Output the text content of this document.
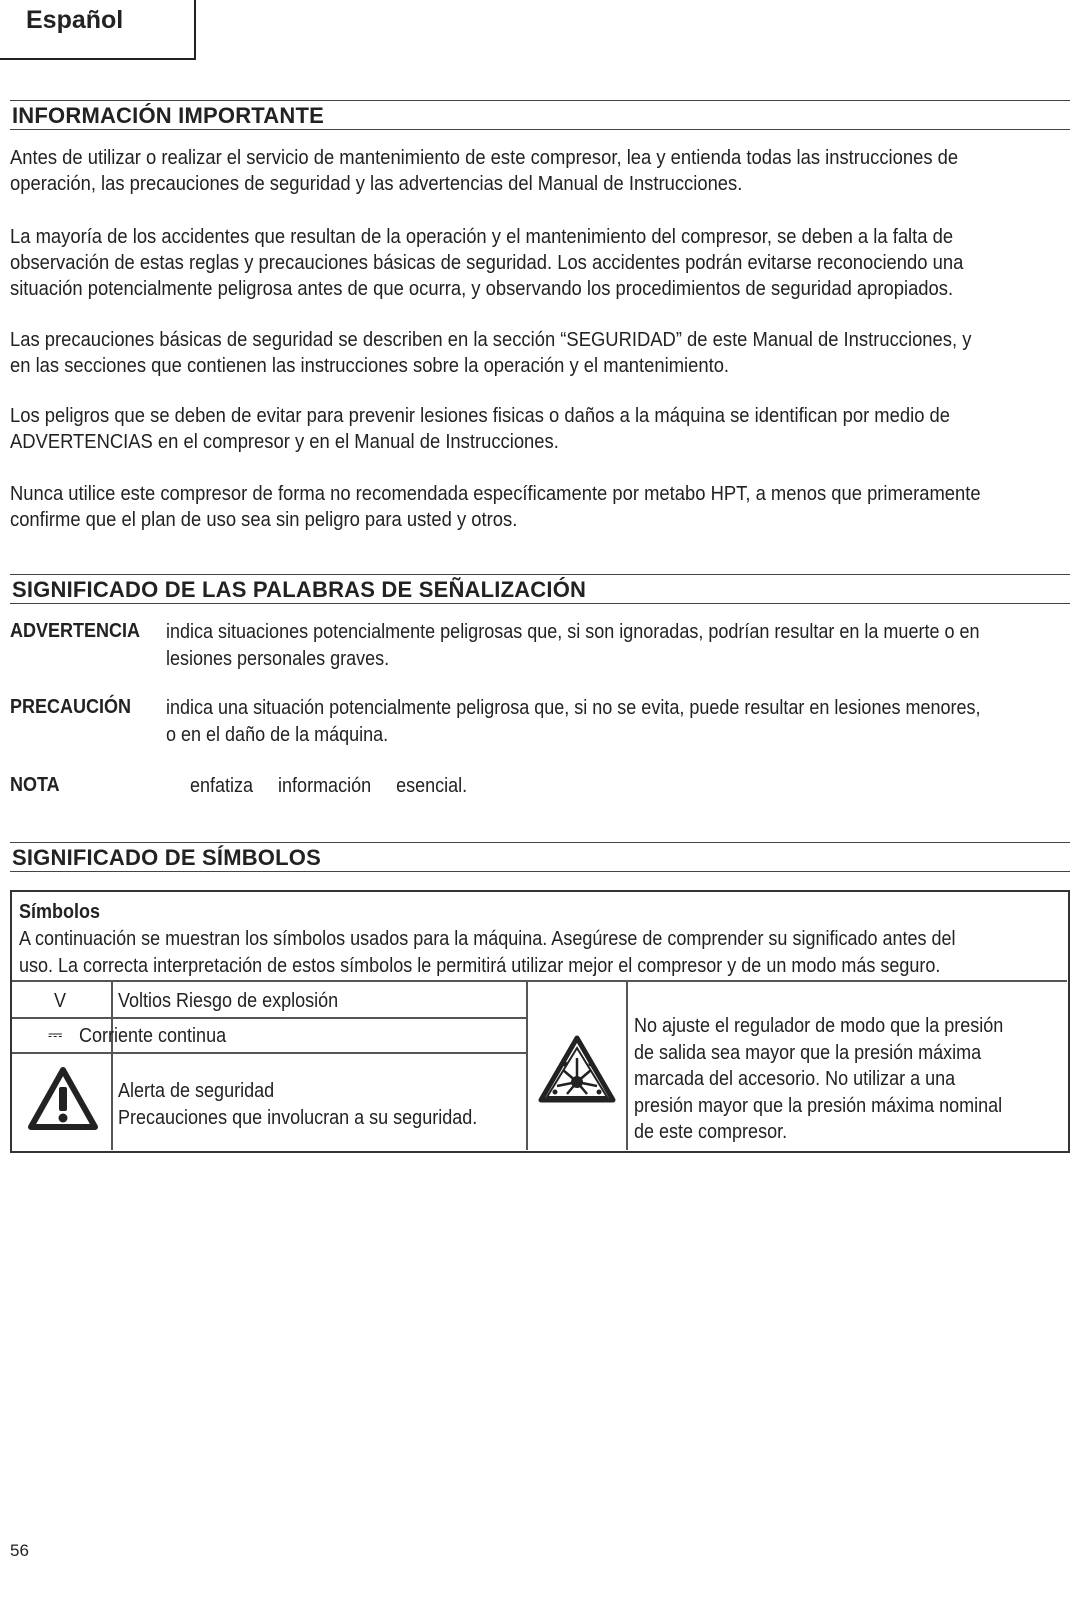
Español
INFORMACIÓN IMPORTANTE
Antes de utilizar o realizar el servicio de mantenimiento de este compresor, lea y entienda todas las instrucciones de
operación, las precauciones de seguridad y las advertencias del Manual de Instrucciones.
La mayoría de los accidentes que resultan de la operación y el mantenimiento del compresor, se deben a la falta de
observación de estas reglas y precauciones básicas de seguridad. Los accidentes podrán evitarse reconociendo una
situación potencialmente peligrosa antes de que ocurra, y observando los procedimientos de seguridad apropiados.
Las precauciones básicas de seguridad se describen en la sección “SEGURIDAD” de este Manual de Instrucciones, y
en las secciones que contienen las instrucciones sobre la operación y el mantenimiento.
Los peligros que se deben de evitar para prevenir lesiones fisicas o daños a la máquina se identifican por medio de
ADVERTENCIAS en el compresor y en el Manual de Instrucciones.
Nunca utilice este compresor de forma no recomendada específicamente por metabo HPT, a menos que primeramente
confirme que el plan de uso sea sin peligro para usted y otros.
SIGNIFICADO DE LAS PALABRAS DE SEÑALIZACIÓN
ADVERTENCIA indica situaciones potencialmente peligrosas que, si son ignoradas, podrían resultar en la muerte o en
lesiones personales graves.
PRECAUCIÓN indica una situación potencialmente peligrosa que, si no se evita, puede resultar en lesiones menores,
o en el daño de la máquina.
NOTA	enfatiza     información     esencial.
SIGNIFICADO DE SÍMBOLOS
Símbolos
A continuación se muestran los símbolos usados para la máquina. Asegúrese de comprender su significado antes del
uso. La correcta interpretación de estos símbolos le permitirá utilizar mejor el compresor y de un modo más seguro.
V	Voltios Riesgo de explosión
⎓ Corriente continua
Alerta de seguridad
Precauciones que involucran a su seguridad.
No ajuste el regulador de modo que la presión
de salida sea mayor que la presión máxima
marcada del accesorio. No utilizar a una
presión mayor que la presión máxima nominal
de este compresor.
56
